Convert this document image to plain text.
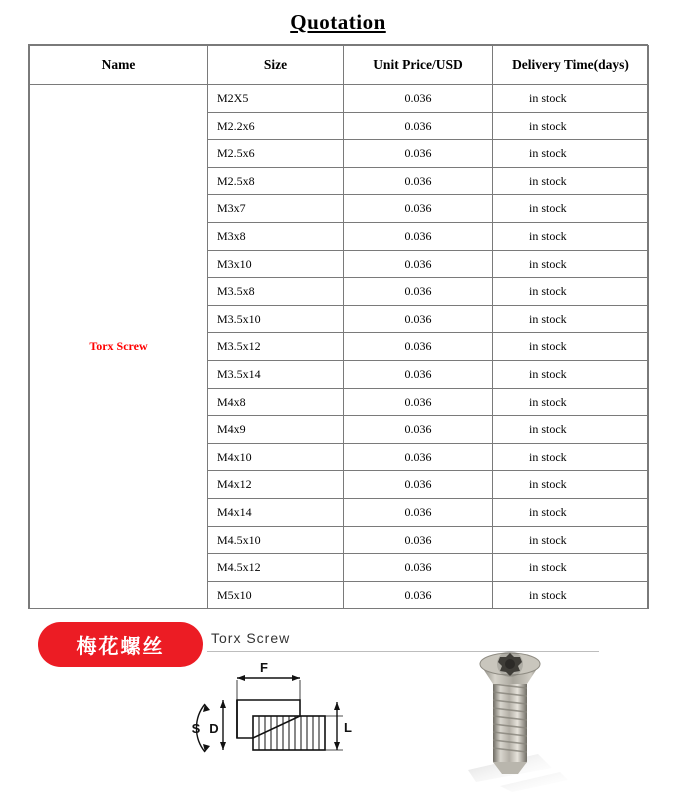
Quotation
Name	Size	Unit Price/USD	Delivery Time(days)
Torx Screw	M2X5	0.036	in stock
	M2.2x6	0.036	in stock
	M2.5x6	0.036	in stock
	M2.5x8	0.036	in stock
	M3x7	0.036	in stock
	M3x8	0.036	in stock
	M3x10	0.036	in stock
	M3.5x8	0.036	in stock
	M3.5x10	0.036	in stock
	M3.5x12	0.036	in stock
	M3.5x14	0.036	in stock
	M4x8	0.036	in stock
	M4x9	0.036	in stock
	M4x10	0.036	in stock
	M4x12	0.036	in stock
	M4x14	0.036	in stock
	M4.5x10	0.036	in stock
	M4.5x12	0.036	in stock
	M5x10	0.036	in stock
梅花螺丝	Torx Screw
F
S D	L
